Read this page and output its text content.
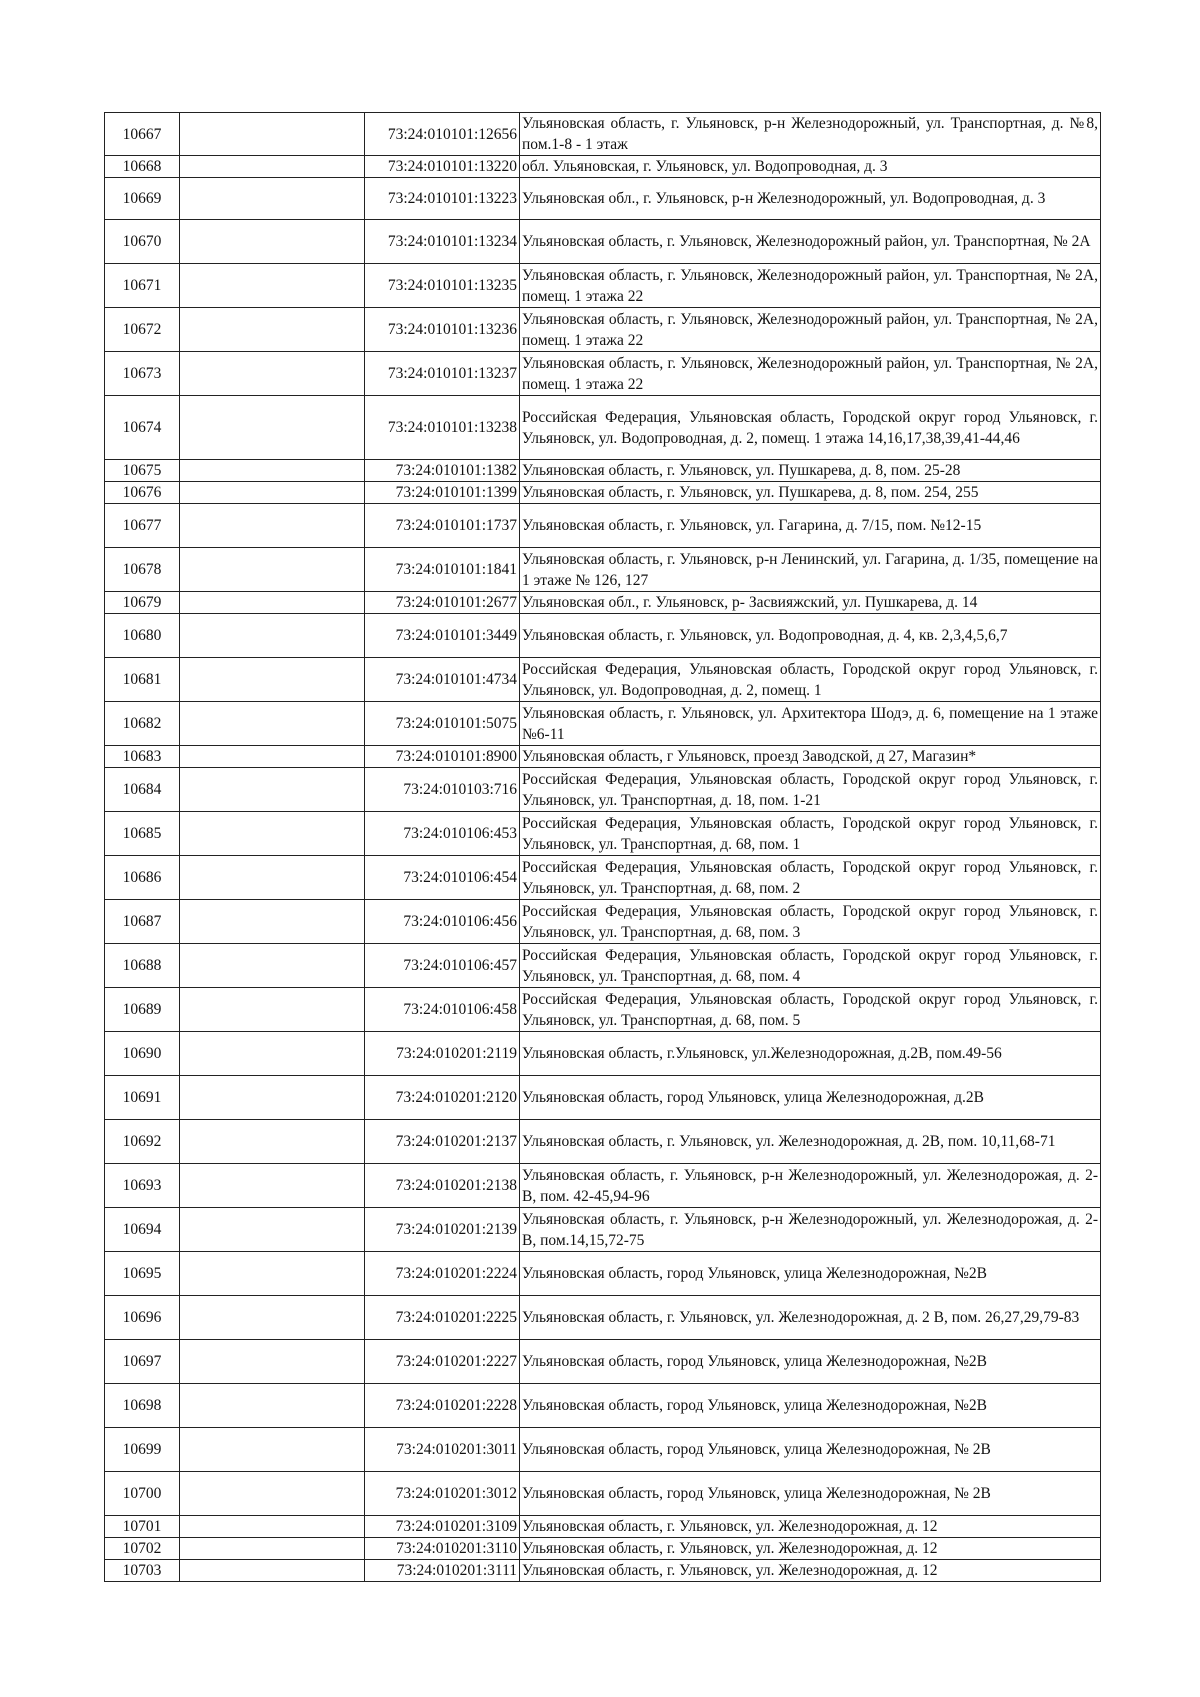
10667		73:24:010101:12656	Ульяновская область, г. Ульяновск, р-н Железнодорожный, ул. Транспортная, д. №8, пом.1-8 - 1 этаж
10668		73:24:010101:13220	обл. Ульяновская, г. Ульяновск, ул. Водопроводная, д. 3
10669		73:24:010101:13223	Ульяновская обл., г. Ульяновск, р-н Железнодорожный, ул. Водопроводная, д. 3
10670		73:24:010101:13234	Ульяновская область, г. Ульяновск, Железнодорожный район, ул. Транспортная, № 2А
10671		73:24:010101:13235	Ульяновская область, г. Ульяновск, Железнодорожный район, ул. Транспортная, № 2А, помещ. 1 этажа 22
10672		73:24:010101:13236	Ульяновская область, г. Ульяновск, Железнодорожный район, ул. Транспортная, № 2А, помещ. 1 этажа 22
10673		73:24:010101:13237	Ульяновская область, г. Ульяновск, Железнодорожный район, ул. Транспортная, № 2А, помещ. 1 этажа 22
10674		73:24:010101:13238	Российская Федерация, Ульяновская область, Городской округ город Ульяновск, г. Ульяновск, ул. Водопроводная, д. 2, помещ. 1 этажа 14,16,17,38,39,41-44,46
10675		73:24:010101:1382	Ульяновская область, г. Ульяновск, ул. Пушкарева, д. 8, пом. 25-28
10676		73:24:010101:1399	Ульяновская область, г. Ульяновск, ул. Пушкарева, д. 8, пом. 254, 255
10677		73:24:010101:1737	Ульяновская область, г. Ульяновск, ул. Гагарина, д. 7/15, пом. №12-15
10678		73:24:010101:1841	Ульяновская область, г. Ульяновск, р-н Ленинский, ул. Гагарина, д. 1/35, помещение на 1 этаже № 126, 127
10679		73:24:010101:2677	Ульяновская обл., г. Ульяновск, р- Засвияжский, ул. Пушкарева, д. 14
10680		73:24:010101:3449	Ульяновская область, г. Ульяновск, ул. Водопроводная, д. 4, кв. 2,3,4,5,6,7
10681		73:24:010101:4734	Российская Федерация, Ульяновская область, Городской округ город Ульяновск, г. Ульяновск, ул. Водопроводная, д. 2, помещ. 1
10682		73:24:010101:5075	Ульяновская область, г. Ульяновск, ул. Архитектора Шодэ, д. 6, помещение на 1 этаже №6-11
10683		73:24:010101:8900	Ульяновская область, г Ульяновск, проезд Заводской, д 27, Магазин*
10684		73:24:010103:716	Российская Федерация, Ульяновская область, Городской округ город Ульяновск, г. Ульяновск, ул. Транспортная, д. 18, пом. 1-21
10685		73:24:010106:453	Российская Федерация, Ульяновская область, Городской округ город Ульяновск, г. Ульяновск, ул. Транспортная, д. 68, пом. 1
10686		73:24:010106:454	Российская Федерация, Ульяновская область, Городской округ город Ульяновск, г. Ульяновск, ул. Транспортная, д. 68, пом. 2
10687		73:24:010106:456	Российская Федерация, Ульяновская область, Городской округ город Ульяновск, г. Ульяновск, ул. Транспортная, д. 68, пом. 3
10688		73:24:010106:457	Российская Федерация, Ульяновская область, Городской округ город Ульяновск, г. Ульяновск, ул. Транспортная, д. 68, пом. 4
10689		73:24:010106:458	Российская Федерация, Ульяновская область, Городской округ город Ульяновск, г. Ульяновск, ул. Транспортная, д. 68, пом. 5
10690		73:24:010201:2119	Ульяновская область, г.Ульяновск, ул.Железнодорожная, д.2В, пом.49-56
10691		73:24:010201:2120	Ульяновская область, город Ульяновск, улица Железнодорожная, д.2В
10692		73:24:010201:2137	Ульяновская область, г. Ульяновск, ул. Железнодорожная, д. 2В, пом. 10,11,68-71
10693		73:24:010201:2138	Ульяновская область, г. Ульяновск, р-н Железнодорожный, ул. Железнодорожая, д. 2-В, пом. 42-45,94-96
10694		73:24:010201:2139	Ульяновская область, г. Ульяновск, р-н Железнодорожный, ул. Железнодорожая, д. 2-В, пом.14,15,72-75
10695		73:24:010201:2224	Ульяновская область, город Ульяновск, улица Железнодорожная, №2В
10696		73:24:010201:2225	Ульяновская область, г. Ульяновск, ул. Железнодорожная, д. 2 В, пом. 26,27,29,79-83
10697		73:24:010201:2227	Ульяновская область, город Ульяновск, улица Железнодорожная, №2В
10698		73:24:010201:2228	Ульяновская область, город Ульяновск, улица Железнодорожная, №2В
10699		73:24:010201:3011	Ульяновская область, город Ульяновск, улица Железнодорожная, № 2В
10700		73:24:010201:3012	Ульяновская область, город Ульяновск, улица Железнодорожная, № 2В
10701		73:24:010201:3109	Ульяновская область, г. Ульяновск, ул. Железнодорожная, д. 12
10702		73:24:010201:3110	Ульяновская область, г. Ульяновск, ул. Железнодорожная, д. 12
10703		73:24:010201:3111	Ульяновская область, г. Ульяновск, ул. Железнодорожная, д. 12
